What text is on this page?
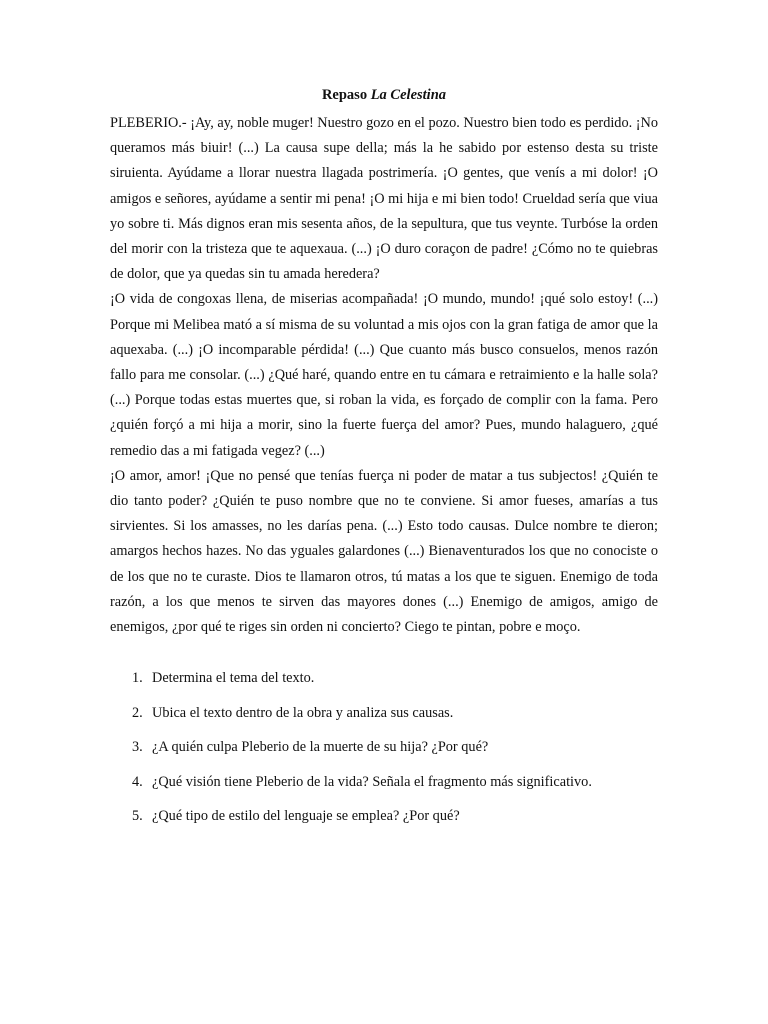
Repaso La Celestina

PLEBERIO.- ¡Ay, ay, noble muger! Nuestro gozo en el pozo. Nuestro bien todo es perdido. ¡No queramos más biuir! (...) La causa supe della; más la he sabido por estenso desta su triste siruienta. Ayúdame a llorar nuestra llagada postrimería. ¡O gentes, que venís a mi dolor! ¡O amigos e señores, ayúdame a sentir mi pena! ¡O mi hija e mi bien todo! Crueldad sería que viua yo sobre ti. Más dignos eran mis sesenta años, de la sepultura, que tus veynte. Turbóse la orden del morir con la tristeza que te aquexaua. (...) ¡O duro coraçon de padre! ¿Cómo no te quiebras de dolor, que ya quedas sin tu amada heredera?

¡O vida de congoxas llena, de miserias acompañada! ¡O mundo, mundo! ¡qué solo estoy! (...) Porque mi Melibea mató a sí misma de su voluntad a mis ojos con la gran fatiga de amor que la aquexaba. (...) ¡O incomparable pérdida! (...) Que cuanto más busco consuelos, menos razón fallo para me consolar. (...) ¿Qué haré, quando entre en tu cámara e retraimiento e la halle sola? (...) Porque todas estas muertes que, si roban la vida, es forçado de complir con la fama. Pero ¿quién forçó a mi hija a morir, sino la fuerte fuerça del amor? Pues, mundo halaguero, ¿qué remedio das a mi fatigada vegez? (...)

¡O amor, amor! ¡Que no pensé que tenías fuerça ni poder de matar a tus subjectos! ¿Quién te dio tanto poder? ¿Quién te puso nombre que no te conviene. Si amor fueses, amarías a tus sirvientes. Si los amasses, no les darías pena. (...) Esto todo causas. Dulce nombre te dieron; amargos hechos hazes. No das yguales galardones (...) Bienaventurados los que no conociste o de los que no te curaste. Dios te llamaron otros, tú matas a los que te siguen. Enemigo de toda razón, a los que menos te sirven das mayores dones (...) Enemigo de amigos, amigo de enemigos, ¿por qué te riges sin orden ni concierto? Ciego te pintan, pobre e moço.

1. Determina el tema del texto.
2. Ubica el texto dentro de la obra y analiza sus causas.
3. ¿A quién culpa Pleberio de la muerte de su hija? ¿Por qué?
4. ¿Qué visión tiene Pleberio de la vida? Señala el fragmento más significativo.
5. ¿Qué tipo de estilo del lenguaje se emplea? ¿Por qué?
